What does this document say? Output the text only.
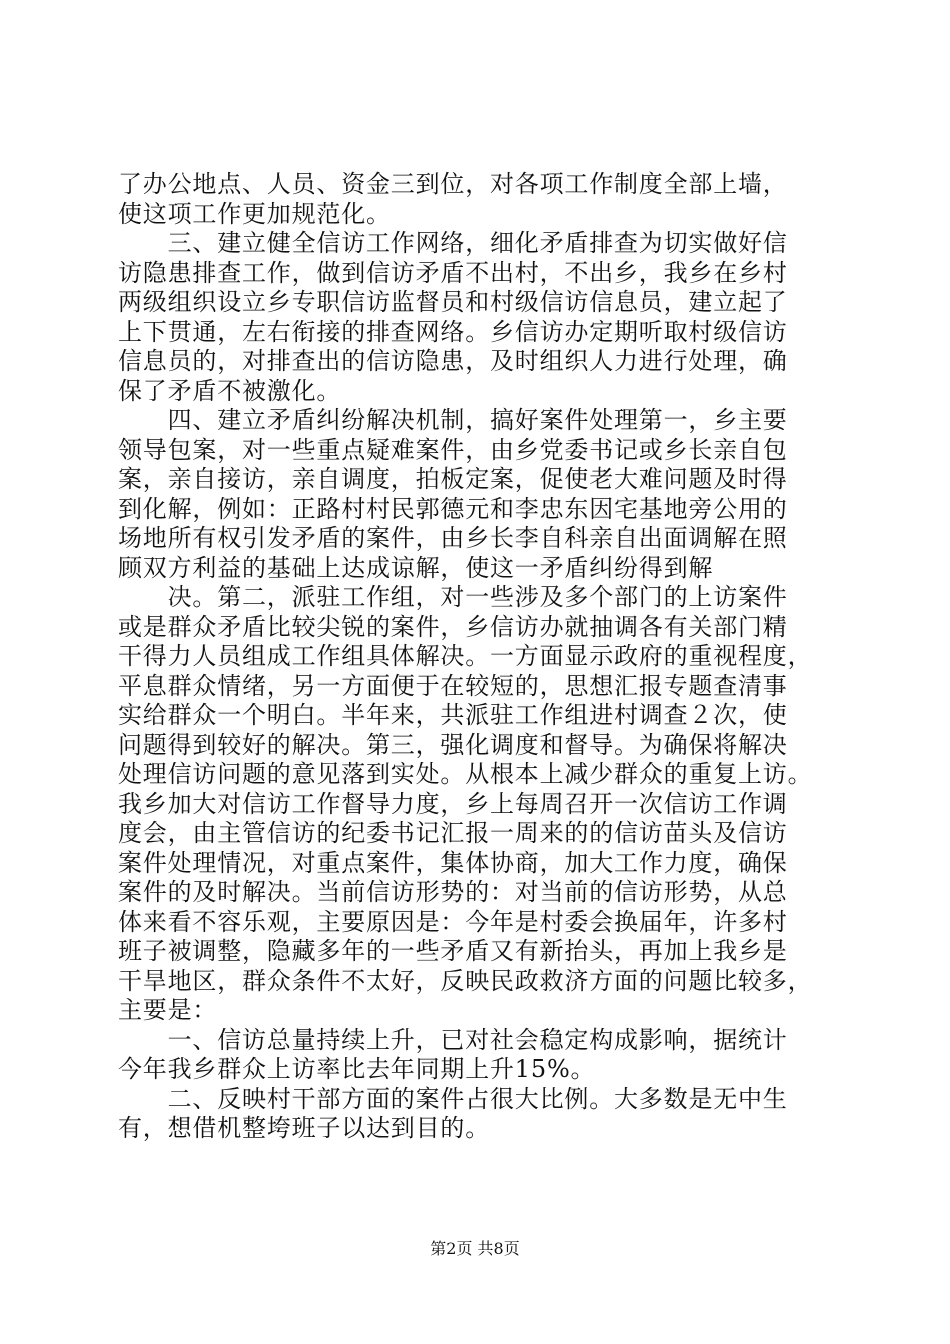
了办公地点、人员、资金三到位，对各项工作制度全部上墙，
使这项工作更加规范化。
　　三、建立健全信访工作网络，细化矛盾排查为切实做好信
访隐患排查工作，做到信访矛盾不出村，不出乡，我乡在乡村
两级组织设立乡专职信访监督员和村级信访信息员，建立起了
上下贯通，左右衔接的排查网络。乡信访办定期听取村级信访
信息员的，对排查出的信访隐患，及时组织人力进行处理，确
保了矛盾不被激化。
　　四、建立矛盾纠纷解决机制，搞好案件处理第一，乡主要
领导包案，对一些重点疑难案件，由乡党委书记或乡长亲自包
案，亲自接访，亲自调度，拍板定案，促使老大难问题及时得
到化解，例如：正路村村民郭德元和李忠东因宅基地旁公用的
场地所有权引发矛盾的案件，由乡长李自科亲自出面调解在照
顾双方利益的基础上达成谅解，使这一矛盾纠纷得到解
　　决。第二，派驻工作组，对一些涉及多个部门的上访案件
或是群众矛盾比较尖锐的案件，乡信访办就抽调各有关部门精
干得力人员组成工作组具体解决。一方面显示政府的重视程度，
平息群众情绪，另一方面便于在较短的，思想汇报专题查清事
实给群众一个明白。半年来，共派驻工作组进村调查２次，使
问题得到较好的解决。第三，强化调度和督导。为确保将解决
处理信访问题的意见落到实处。从根本上减少群众的重复上访。
我乡加大对信访工作督导力度，乡上每周召开一次信访工作调
度会，由主管信访的纪委书记汇报一周来的的信访苗头及信访
案件处理情况，对重点案件，集体协商，加大工作力度，确保
案件的及时解决。当前信访形势的：对当前的信访形势，从总
体来看不容乐观，主要原因是：今年是村委会换届年，许多村
班子被调整，隐藏多年的一些矛盾又有新抬头，再加上我乡是
干旱地区，群众条件不太好，反映民政救济方面的问题比较多，
主要是：
　　一、信访总量持续上升，已对社会稳定构成影响，据统计
今年我乡群众上访率比去年同期上升15%。
　　二、反映村干部方面的案件占很大比例。大多数是无中生
有，想借机整垮班子以达到目的。
第2页 共8页
